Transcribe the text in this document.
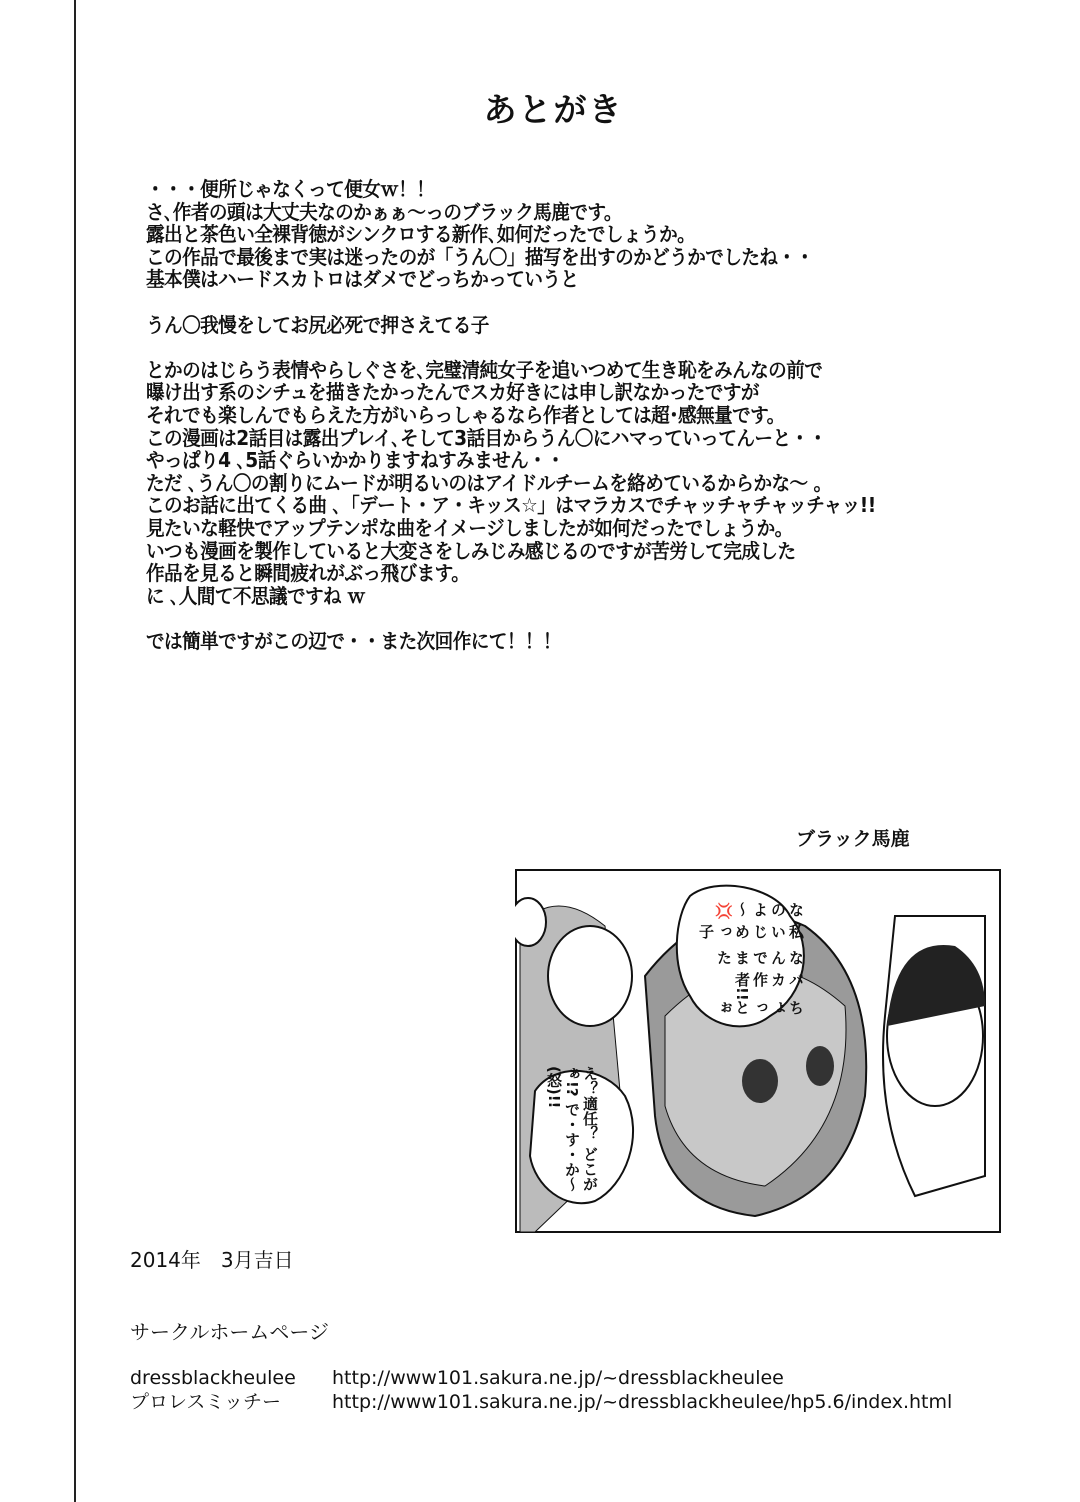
あとがき
・・・便所じゃなくって便女ｗ！！
さ､作者の頭は大丈夫なのかぁぁ～っのブラック馬鹿です。
露出と茶色い全裸背徳がシンクロする新作､如何だったでしょうか。
この作品で最後まで実は迷ったのが「うん〇」描写を出すのかどうかでしたね・・
基本僕はハードスカトロはダメでどっちかっていうと
うん〇我慢をしてお尻必死で押さえてる子
とかのはじらう表情やらしぐさを､完璧清純女子を追いつめて生き恥をみんなの前で
曝け出す系のシチュを描きたかったんでスカ好きには申し訳なかったですが
それでも楽しんでもらえた方がいらっしゃるなら作者としては超･感無量です。
この漫画は2話目は露出プレイ､そして3話目からうん〇にハマっていってんーと・・
やっぱり4 ､5話ぐらいかかりますねすみません・・
ただ ､うん〇の割りにムードが明るいのはアイドルチームを絡めているからかな～ 。
このお話に出てくる曲 ､「デート・ア・キッス☆」はマラカスでチャッチャチャッチャッ!!
見たいな軽快でアップテンポな曲をイメージしましたが如何だったでしょうか。
いつも漫画を製作していると大変さをしみじみ感じるのですが苦労して完成した
作品を見ると瞬間疲れがぶっ飛びます。
に ､人間て不思議ですね ｗ
では簡単ですがこの辺で・・また次回作にて！！！
ブラック馬鹿
ちょっとぉ
バカ作者!!
なんでまた
私いじめっ子
なのよ～💢
え？適任？ どこがぁ!? で・す・か～(怒)!!
2014年　3月吉日
サークルホームページ
dressblackheulee	http://www101.sakura.ne.jp/~dressblackheulee
プロレスミッチー	http://www101.sakura.ne.jp/~dressblackheulee/hp5.6/index.html
